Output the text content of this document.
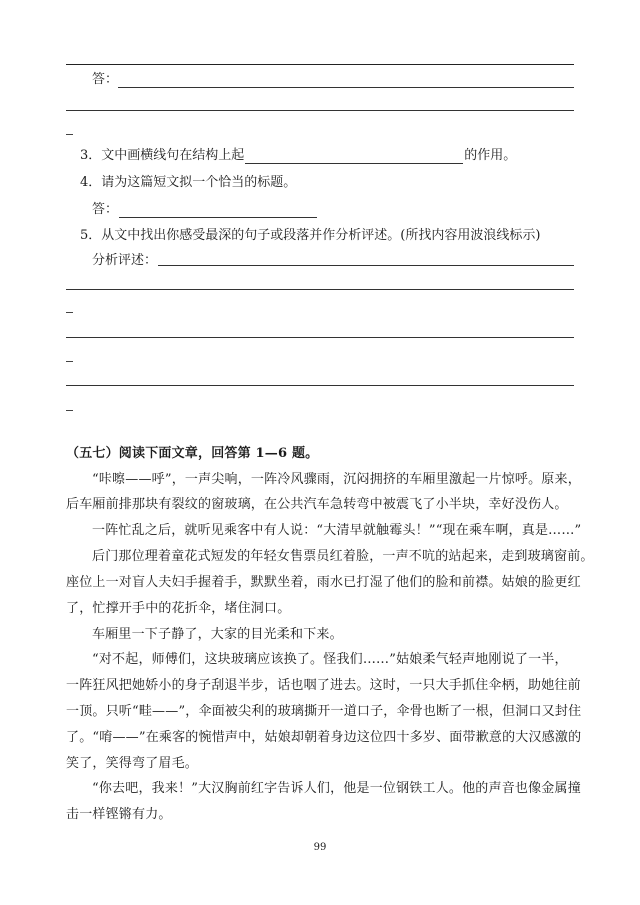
答：
3．文中画横线句在结构上起	的作用。
4．请为这篇短文拟一个恰当的标题。
答：
5．从文中找出你感受最深的句子或段落并作分析评述。(所找内容用波浪线标示)
分析评述：
（五七）阅读下面文章，回答第 1—6 题。
“咔嚓——呼”，一声尖响，一阵冷风骤雨，沉闷拥挤的车厢里激起一片惊呼。原来，
后车厢前排那块有裂纹的窗玻璃，在公共汽车急转弯中被震飞了小半块，幸好没伤人。
一阵忙乱之后，就听见乘客中有人说：“大清早就触霉头！”“现在乘车啊，真是……”
后门那位理着童花式短发的年轻女售票员红着脸，一声不吭的站起来，走到玻璃窗前。
座位上一对盲人夫妇手握着手，默默坐着，雨水已打湿了他们的脸和前襟。姑娘的脸更红
了，忙撑开手中的花折伞，堵住洞口。
车厢里一下子静了，大家的目光柔和下来。
“对不起，师傅们，这块玻璃应该换了。怪我们……”姑娘柔气轻声地刚说了一半，
一阵狂风把她娇小的身子刮退半步，话也咽了进去。这时，一只大手抓住伞柄，助她往前
一顶。只听“畦——”，伞面被尖利的玻璃撕开一道口子，伞骨也断了一根，但洞口又封住
了。“唷——”在乘客的惋惜声中，姑娘却朝着身边这位四十多岁、面带歉意的大汉感激的
笑了，笑得弯了眉毛。
“你去吧，我来！”大汉胸前红字告诉人们，他是一位钢铁工人。他的声音也像金属撞
击一样铿锵有力。
99
